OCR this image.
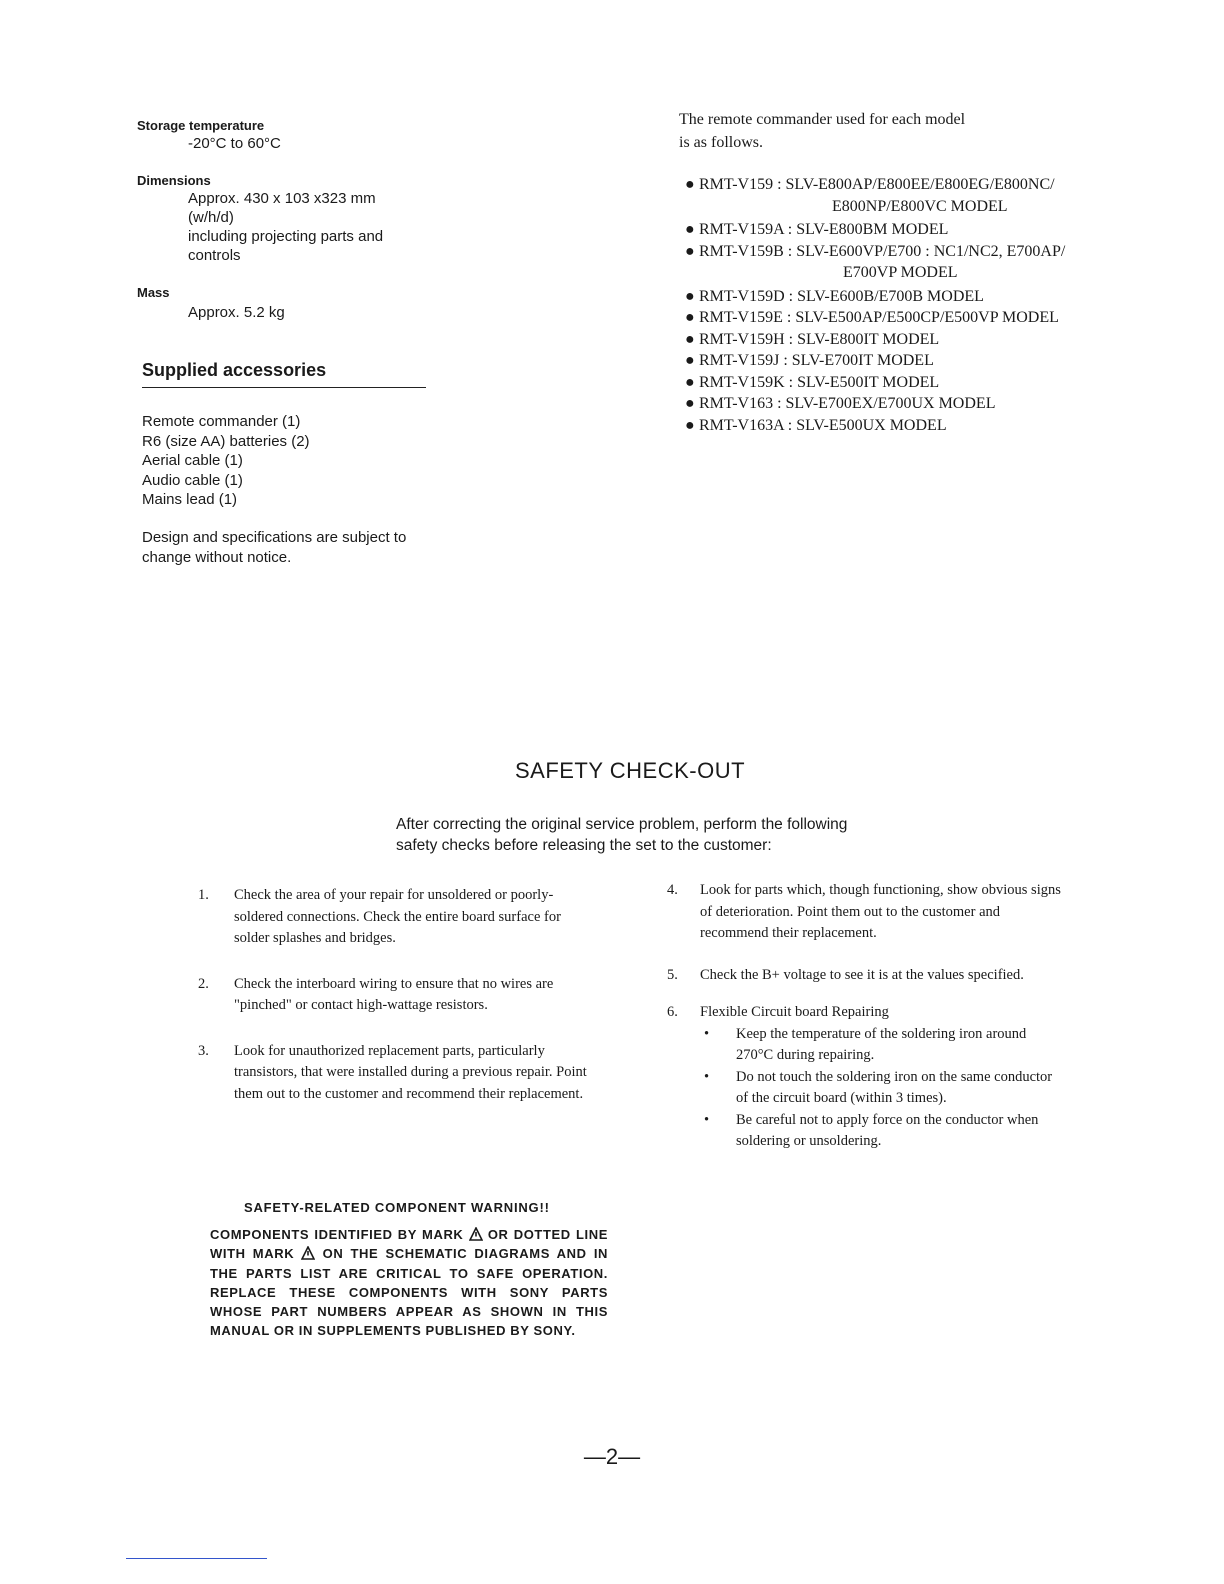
Storage temperature
-20°C to 60°C
Dimensions
Approx. 430 x 103 x323 mm
(w/h/d)
including projecting parts and
controls
Mass
Approx. 5.2 kg
Supplied accessories
Remote commander (1)
R6 (size AA) batteries (2)
Aerial cable (1)
Audio cable (1)
Mains lead (1)
Design and specifications are subject to
change without notice.
The remote commander used for each model
is as follows.
● RMT-V159 : SLV-E800AP/E800EE/E800EG/E800NC/
E800NP/E800VC MODEL
● RMT-V159A : SLV-E800BM MODEL
● RMT-V159B : SLV-E600VP/E700 : NC1/NC2, E700AP/
E700VP MODEL
● RMT-V159D : SLV-E600B/E700B MODEL
● RMT-V159E : SLV-E500AP/E500CP/E500VP MODEL
● RMT-V159H : SLV-E800IT MODEL
● RMT-V159J : SLV-E700IT MODEL
● RMT-V159K : SLV-E500IT MODEL
● RMT-V163 : SLV-E700EX/E700UX MODEL
● RMT-V163A : SLV-E500UX MODEL
SAFETY CHECK-OUT
After correcting the original service problem, perform the following
safety checks before releasing the set to the customer:
1.	Check the area of your repair for unsoldered or poorly-soldered connections. Check the entire board surface for solder splashes and bridges.
2.	Check the interboard wiring to ensure that no wires are "pinched" or contact high-wattage resistors.
3.	Look for unauthorized replacement parts, particularly transistors, that were installed during a previous repair. Point them out to the customer and recommend their replacement.
4.	Look for parts which, though functioning, show obvious signs of deterioration. Point them out to the customer and recommend their replacement.
5.	Check the B+ voltage to see it is at the values specified.
6.	Flexible Circuit board Repairing
•	Keep the temperature of the soldering iron around 270°C during repairing.
•	Do not touch the soldering iron on the same conductor of the circuit board (within 3 times).
•	Be careful not to apply force on the conductor when soldering or unsoldering.
SAFETY-RELATED COMPONENT WARNING!!
COMPONENTS IDENTIFIED BY MARK OR DOTTED LINE WITH MARK ON THE SCHEMATIC DIAGRAMS AND IN THE PARTS LIST ARE CRITICAL TO SAFE OPERATION. REPLACE THESE COMPONENTS WITH SONY PARTS WHOSE PART NUMBERS APPEAR AS SHOWN IN THIS MANUAL OR IN SUPPLEMENTS PUBLISHED BY SONY.
—2—
